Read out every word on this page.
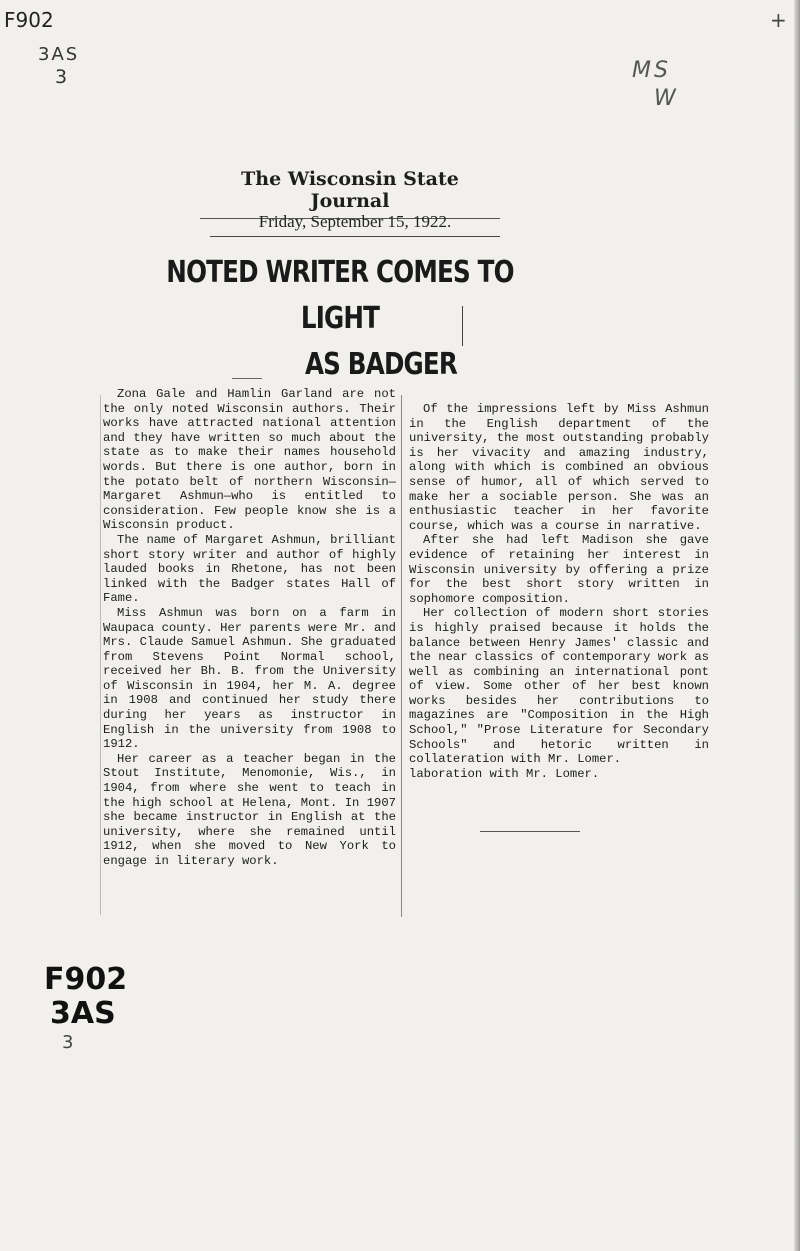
F902
3AS
3
+
MS
W
The Wisconsin State Journal
Friday, September 15, 1922.
NOTED WRITER COMES TO LIGHT
AS BADGER

Zona Gale and Hamlin Garland are not the only noted Wisconsin authors. Their works have attracted national attention and they have written so much about the state as to make their names household words. But there is one author, born in the potato belt of northern Wisconsin—Margaret Ashmun—who is entitled to consideration. Few people know she is a Wisconsin product.

The name of Margaret Ashmun, brilliant short story writer and author of highly lauded books in Rhetone, has not been linked with the Badger states Hall of Fame.

Miss Ashmun was born on a farm in Waupaca county. Her parents were Mr. and Mrs. Claude Samuel Ashmun. She graduated from Stevens Point Normal school, received her Bh. B. from the University of Wisconsin in 1904, her M. A. degree in 1908 and continued her study there during her years as instructor in English in the university from 1908 to 1912.

Her career as a teacher began in the Stout Institute, Menomonie, Wis., in 1904, from where she went to teach in the high school at Helena, Mont. In 1907 she became instructor in English at the university, where she remained until 1912, when she moved to New York to engage in literary work.

Of the impressions left by Miss Ashmun in the English department of the university, the most outstanding probably is her vivacity and amazing industry, along with which is combined an obvious sense of humor, all of which served to make her a sociable person. She was an enthusiastic teacher in her favorite course, which was a course in narrative.

After she had left Madison she gave evidence of retaining her interest in Wisconsin university by offering a prize for the best short story written in sophomore composition.

Her collection of modern short stories is highly praised because it holds the balance between Henry James' classic and the near classics of contemporary work as well as combining an international pont of view. Some other of her best known works besides her contributions to magazines are "Composition in the High School," "Prose Literature for Secondary Schools" and hetoric written in collateration with Mr. Lomer.

laboration with Mr. Lomer.

F902
3AS
3
